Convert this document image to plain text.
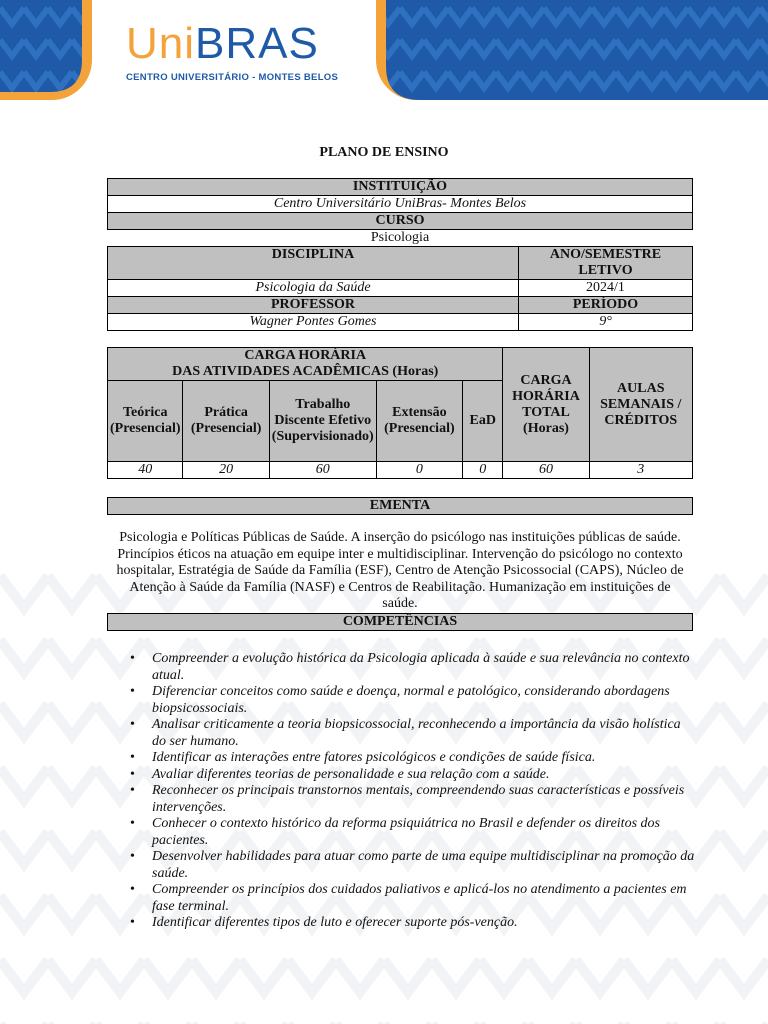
UniBRAS
CENTRO UNIVERSITÁRIO - MONTES BELOS
PLANO DE ENSINO
INSTITUIÇÃO	
Centro Universitário UniBras- Montes Belos	
CURSO	
Psicologia	
DISCIPLINA	ANO/SEMESTRE
LETIVO
Psicologia da Saúde	2024/1
PROFESSOR	PERÍODO
Wagner Pontes Gomes	9°
CARGA HORÁRIA
DAS ATIVIDADES ACADÊMICAS (Horas)					CARGA HORÁRIA TOTAL (Horas)	AULAS SEMANAIS / CRÉDITOS
Teórica (Presencial)	Prática (Presencial)	Trabalho Discente Efetivo (Supervisionado)	Extensão (Presencial)	EaD		
40	20	60	0	0	60	3
EMENTA
Psicologia e Políticas Públicas de Saúde. A inserção do psicólogo nas instituições públicas de saúde. Princípios éticos na atuação em equipe inter e multidisciplinar. Intervenção do psicólogo no contexto hospitalar, Estratégia de Saúde da Família (ESF), Centro de Atenção Psicossocial (CAPS), Núcleo de Atenção à Saúde da Família (NASF) e Centros de Reabilitação. Humanização em instituições de saúde.
COMPETÊNCIAS
• Compreender a evolução histórica da Psicologia aplicada à saúde e sua relevância no contexto atual.
• Diferenciar conceitos como saúde e doença, normal e patológico, considerando abordagens biopsicossociais.
• Analisar criticamente a teoria biopsicossocial, reconhecendo a importância da visão holística do ser humano.
• Identificar as interações entre fatores psicológicos e condições de saúde física.
• Avaliar diferentes teorias de personalidade e sua relação com a saúde.
• Reconhecer os principais transtornos mentais, compreendendo suas características e possíveis intervenções.
• Conhecer o contexto histórico da reforma psiquiátrica no Brasil e defender os direitos dos pacientes.
• Desenvolver habilidades para atuar como parte de uma equipe multidisciplinar na promoção da saúde.
• Compreender os princípios dos cuidados paliativos e aplicá-los no atendimento a pacientes em fase terminal.
• Identificar diferentes tipos de luto e oferecer suporte pós-venção.
